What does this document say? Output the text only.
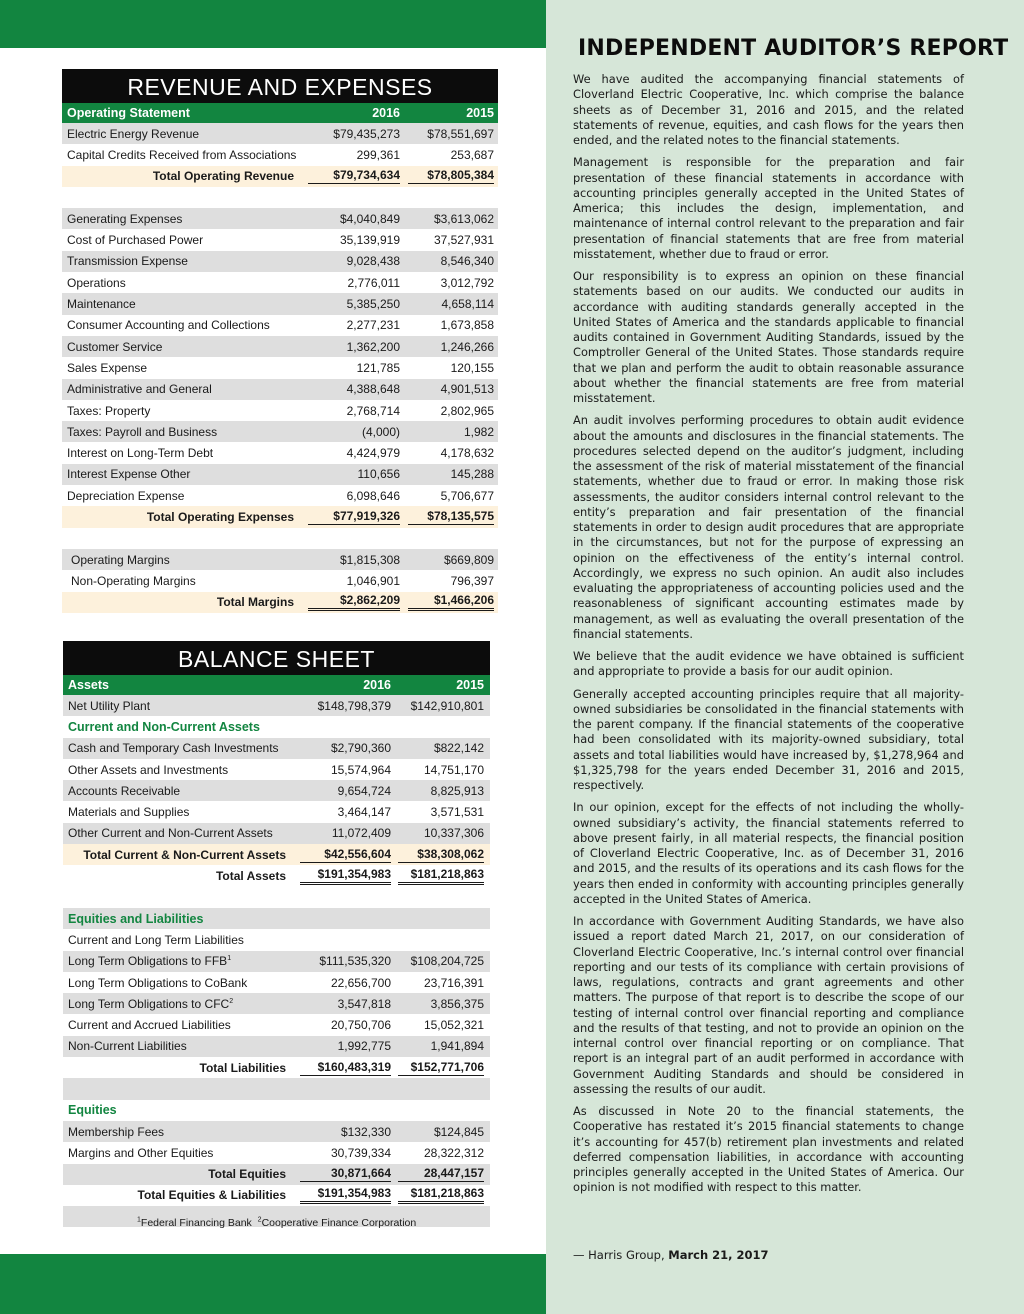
REVENUE AND EXPENSES
Operating Statement	2016	2015
Electric Energy Revenue	$79,435,273	$78,551,697
Capital Credits Received from Associations	299,361	253,687
Total Operating Revenue	$79,734,634	$78,805,384
Generating Expenses	$4,040,849	$3,613,062
Cost of Purchased Power	35,139,919	37,527,931
Transmission Expense	9,028,438	8,546,340
Operations	2,776,011	3,012,792
Maintenance	5,385,250	4,658,114
Consumer Accounting and Collections	2,277,231	1,673,858
Customer Service	1,362,200	1,246,266
Sales Expense	121,785	120,155
Administrative and General	4,388,648	4,901,513
Taxes: Property	2,768,714	2,802,965
Taxes: Payroll and Business	(4,000)	1,982
Interest on Long-Term Debt	4,424,979	4,178,632
Interest Expense Other	110,656	145,288
Depreciation Expense	6,098,646	5,706,677
Total Operating Expenses	$77,919,326	$78,135,575
Operating Margins	$1,815,308	$669,809
Non-Operating Margins	1,046,901	796,397
Total Margins	$2,862,209	$1,466,206
BALANCE SHEET
Assets	2016	2015
Net Utility Plant	$148,798,379	$142,910,801
Current and Non-Current Assets
Cash and Temporary Cash Investments	$2,790,360	$822,142
Other Assets and Investments	15,574,964	14,751,170
Accounts Receivable	9,654,724	8,825,913
Materials and Supplies	3,464,147	3,571,531
Other Current and Non-Current Assets	11,072,409	10,337,306
Total Current & Non-Current Assets	$42,556,604	$38,308,062
Total Assets	$191,354,983	$181,218,863
Equities and Liabilities
Current and Long Term Liabilities
Long Term Obligations to FFB$^1$	$111,535,320	$108,204,725
Long Term Obligations to CoBank	22,656,700	23,716,391
Long Term Obligations to CFC$^2$	3,547,818	3,856,375
Current and Accrued Liabilities	20,750,706	15,052,321
Non-Current Liabilities	1,992,775	1,941,894
Total Liabilities	$160,483,319	$152,771,706
Equities
Membership Fees	$132,330	$124,845
Margins and Other Equities	30,739,334	28,322,312
Total Equities	30,871,664	28,447,157
Total Equities & Liabilities	$191,354,983	$181,218,863
$^1$Federal Financing Bank $^2$Cooperative Finance Corporation
INDEPENDENT AUDITOR’S REPORT

We have audited the accompanying financial statements of Cloverland Electric Cooperative, Inc. which comprise the balance sheets as of December 31, 2016 and 2015, and the related statements of revenue, equities, and cash flows for the years then ended, and the related notes to the financial statements.

Management is responsible for the preparation and fair presentation of these financial statements in accordance with accounting principles generally accepted in the United States of America; this includes the design, implementation, and maintenance of internal control relevant to the preparation and fair presentation of financial statements that are free from material misstatement, whether due to fraud or error.

Our responsibility is to express an opinion on these financial statements based on our audits. We conducted our audits in accordance with auditing standards generally accepted in the United States of America and the standards applicable to financial audits contained in Government Auditing Standards, issued by the Comptroller General of the United States. Those standards require that we plan and perform the audit to obtain reasonable assurance about whether the financial statements are free from material misstatement.

An audit involves performing procedures to obtain audit evidence about the amounts and disclosures in the financial statements. The procedures selected depend on the auditor’s judgment, including the assessment of the risk of material misstatement of the financial statements, whether due to fraud or error. In making those risk assessments, the auditor considers internal control relevant to the entity’s preparation and fair presentation of the financial statements in order to design audit procedures that are appropriate in the circumstances, but not for the purpose of expressing an opinion on the effectiveness of the entity’s internal control. Accordingly, we express no such opinion. An audit also includes evaluating the appropriateness of accounting policies used and the reasonableness of significant accounting estimates made by management, as well as evaluating the overall presentation of the financial statements.

We believe that the audit evidence we have obtained is sufficient and appropriate to provide a basis for our audit opinion.

Generally accepted accounting principles require that all majority-owned subsidiaries be consolidated in the financial statements with the parent company. If the financial statements of the cooperative had been consolidated with its majority-owned subsidiary, total assets and total liabilities would have increased by, $1,278,964 and $1,325,798 for the years ended December 31, 2016 and 2015, respectively.

In our opinion, except for the effects of not including the wholly-owned subsidiary’s activity, the financial statements referred to above present fairly, in all material respects, the financial position of Cloverland Electric Cooperative, Inc. as of December 31, 2016 and 2015, and the results of its operations and its cash flows for the years then ended in conformity with accounting principles generally accepted in the United States of America.

In accordance with Government Auditing Standards, we have also issued a report dated March 21, 2017, on our consideration of Cloverland Electric Cooperative, Inc.’s internal control over financial reporting and our tests of its compliance with certain provisions of laws, regulations, contracts and grant agreements and other matters. The purpose of that report is to describe the scope of our testing of internal control over financial reporting and compliance and the results of that testing, and not to provide an opinion on the internal control over financial reporting or on compliance. That report is an integral part of an audit performed in accordance with Government Auditing Standards and should be considered in assessing the results of our audit.

As discussed in Note 20 to the financial statements, the Cooperative has restated it’s 2015 financial statements to change it’s accounting for 457(b) retirement plan investments and related deferred compensation liabilities, in accordance with accounting principles generally accepted in the United States of America. Our opinion is not modified with respect to this matter.

— Harris Group, March 21, 2017
